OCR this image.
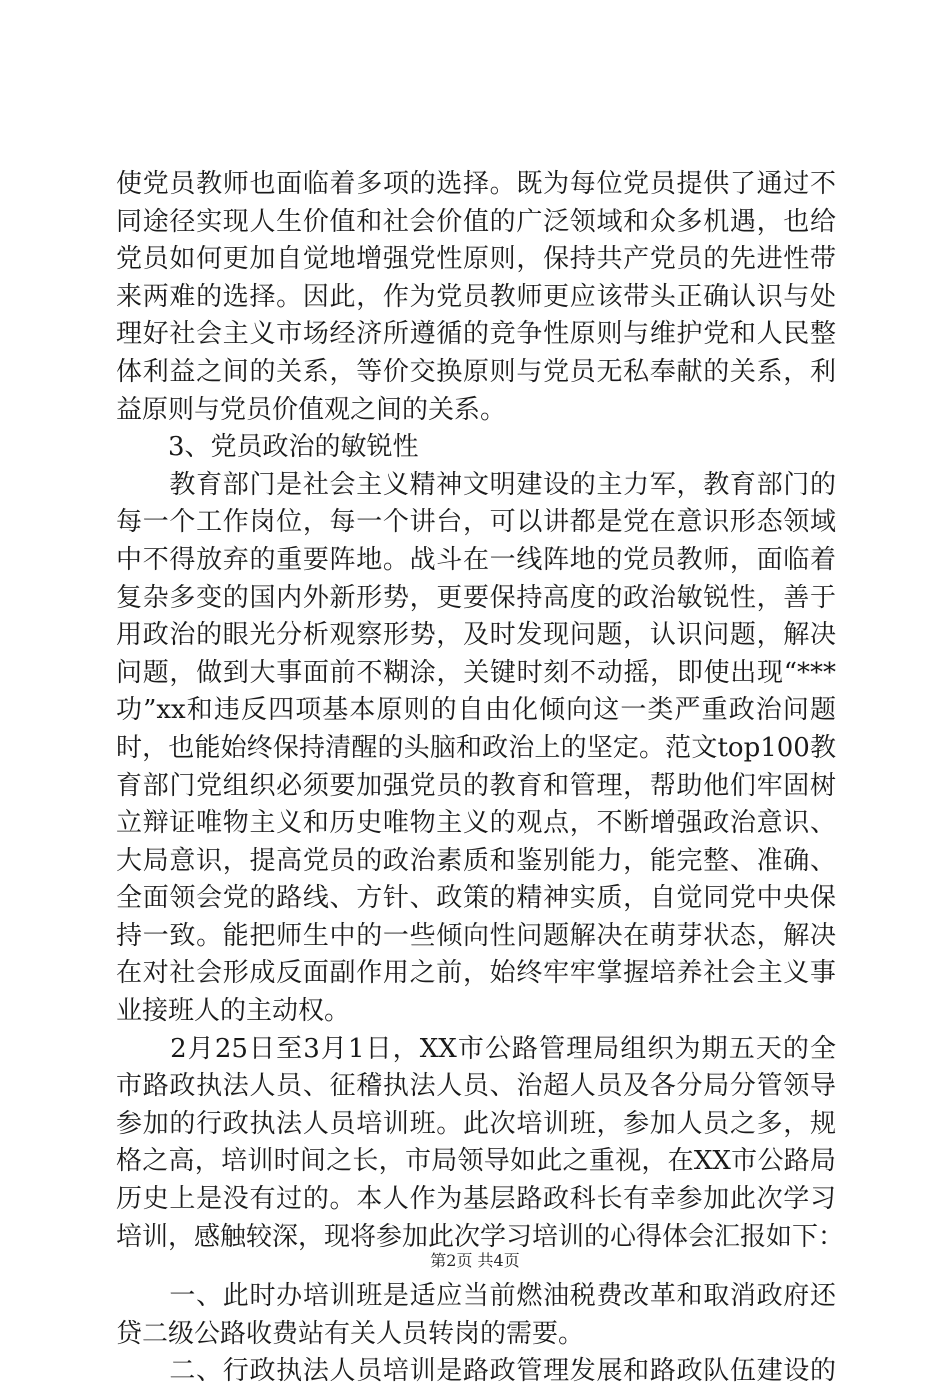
使党员教师也面临着多项的选择。既为每位党员提供了通过不
同途径实现人生价值和社会价值的广泛领域和众多机遇，也给
党员如何更加自觉地增强党性原则，保持共产党员的先进性带
来两难的选择。因此，作为党员教师更应该带头正确认识与处
理好社会主义市场经济所遵循的竞争性原则与维护党和人民整
体利益之间的关系，等价交换原则与党员无私奉献的关系，利
益原则与党员价值观之间的关系。
　　3、党员政治的敏锐性
　　教育部门是社会主义精神文明建设的主力军，教育部门的
每一个工作岗位，每一个讲台，可以讲都是党在意识形态领域
中不得放弃的重要阵地。战斗在一线阵地的党员教师，面临着
复杂多变的国内外新形势，更要保持高度的政治敏锐性，善于
用政治的眼光分析观察形势，及时发现问题，认识问题，解决
问题，做到大事面前不糊涂，关键时刻不动摇，即使出现“***
功”xx和违反四项基本原则的自由化倾向这一类严重政治问题
时，也能始终保持清醒的头脑和政治上的坚定。范文top100教
育部门党组织必须要加强党员的教育和管理，帮助他们牢固树
立辩证唯物主义和历史唯物主义的观点，不断增强政治意识、
大局意识，提高党员的政治素质和鉴别能力，能完整、准确、
全面领会党的路线、方针、政策的精神实质，自觉同党中央保
持一致。能把师生中的一些倾向性问题解决在萌芽状态，解决
在对社会形成反面副作用之前，始终牢牢掌握培养社会主义事
业接班人的主动权。
　　2月25日至3月1日，XX市公路管理局组织为期五天的全
市路政执法人员、征稽执法人员、治超人员及各分局分管领导
参加的行政执法人员培训班。此次培训班，参加人员之多，规
格之高，培训时间之长，市局领导如此之重视，在XX市公路局
历史上是没有过的。本人作为基层路政科长有幸参加此次学习
培训，感触较深，现将参加此次学习培训的心得体会汇报如下：
　　一、此时办培训班是适应当前燃油税费改革和取消政府还
贷二级公路收费站有关人员转岗的需要。
　　二、行政执法人员培训是路政管理发展和路政队伍建设的
第2页 共4页
